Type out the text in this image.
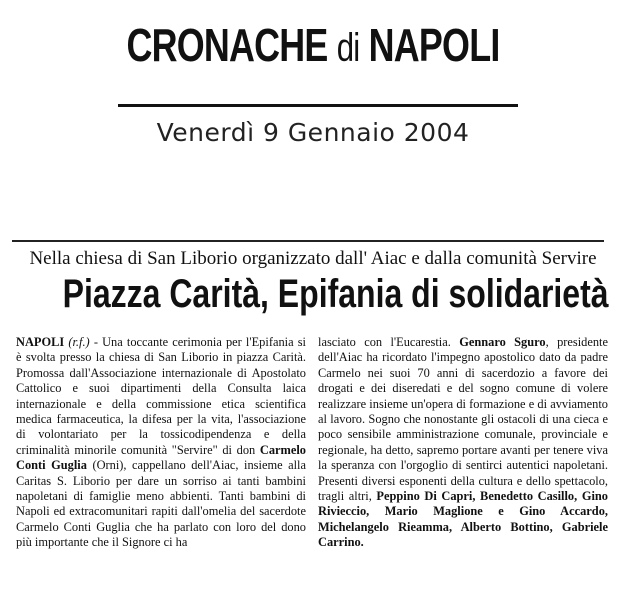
CRONACHE di NAPOLI
Venerdì 9 Gennaio 2004
Nella chiesa di San Liborio organizzato dall' Aiac e dalla comunità Servire
Piazza Carità, Epifania di solidarietà
NAPOLI (r.f.) - Una toccante cerimonia per l'Epifania si è svolta presso la chiesa di San Liborio in piazza Carità. Promossa dall'Associazione internazionale di Apostolato Cattolico e suoi dipartimenti della Consulta laica internazionale e della commissione etica scientifica medica farmaceutica, la difesa per la vita, l'associazione di volontariato per la tossicodipendenza e della criminalità minorile comunità "Servire" di don Carmelo Conti Guglia (Orni), cappellano dell'Aiac, insieme alla Caritas S. Liborio per dare un sorriso ai tanti bambini napoletani di famiglie meno abbienti. Tanti bambini di Napoli ed extracomunitari rapiti dall'omelia del sacerdote Carmelo Conti Guglia che ha parlato con loro del dono più importante che il Signore ci ha
lasciato con l'Eucarestia. Gennaro Sguro, presidente dell'Aiac ha ricordato l'impegno apostolico dato da padre Carmelo nei suoi 70 anni di sacerdozio a favore dei drogati e dei diseredati e del sogno comune di volere realizzare insieme un'opera di formazione e di avviamento al lavoro. Sogno che nonostante gli ostacoli di una cieca e poco sensibile amministrazione comunale, provinciale e regionale, ha detto, sapremo portare avanti per tenere viva la speranza con l'orgoglio di sentirci autentici napoletani. Presenti diversi esponenti della cultura e dello spettacolo, tragli altri, Peppino Di Capri, Benedetto Casillo, Gino Rivieccio, Mario Maglione e Gino Accardo, Michelangelo Rieamma, Alberto Bottino, Gabriele Carrino.
